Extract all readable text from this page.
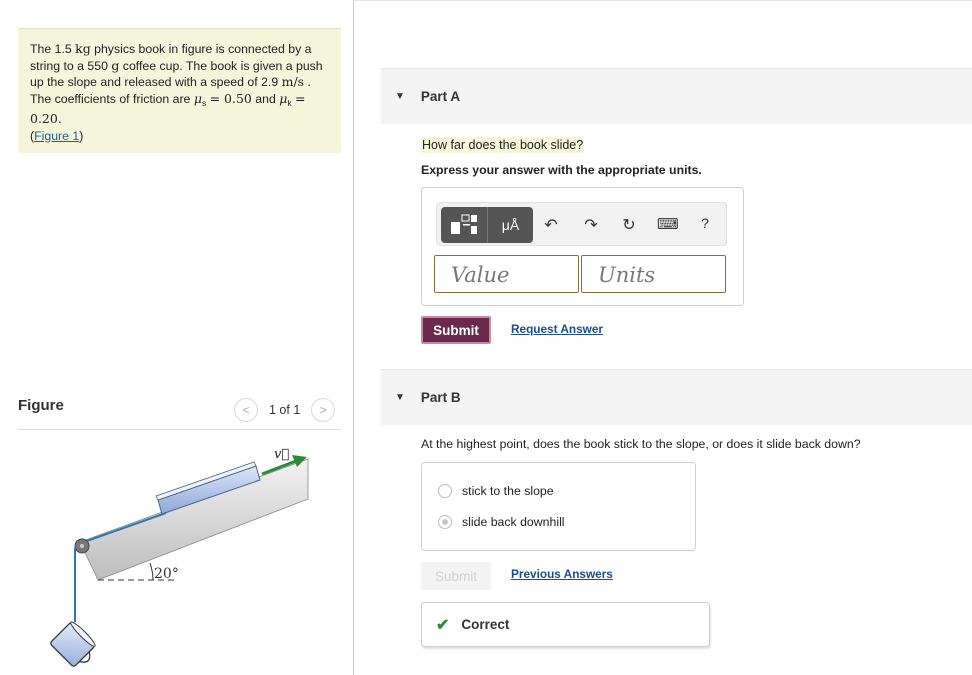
The 1.5 kg physics book in figure is connected by a string to a 550 g coffee cup. The book is given a push up the slope and released with a speed of 2.9 m/s . The coefficients of friction are $\mu_s = 0.50$ and $\mu_k = 0.20$.
(Figure 1)
Figure	<	1 of 1	>
20°
v⃗
▼ Part A
How far does the book slide?
Express your answer with the appropriate units.
μÅ	↶ ↷ ↻ ⌨	?
Value	Units
Submit	Request Answer
▼ Part B
At the highest point, does the book stick to the slope, or does it slide back down?
stick to the slope
slide back downhill
Submit	Previous Answers
✔ Correct
